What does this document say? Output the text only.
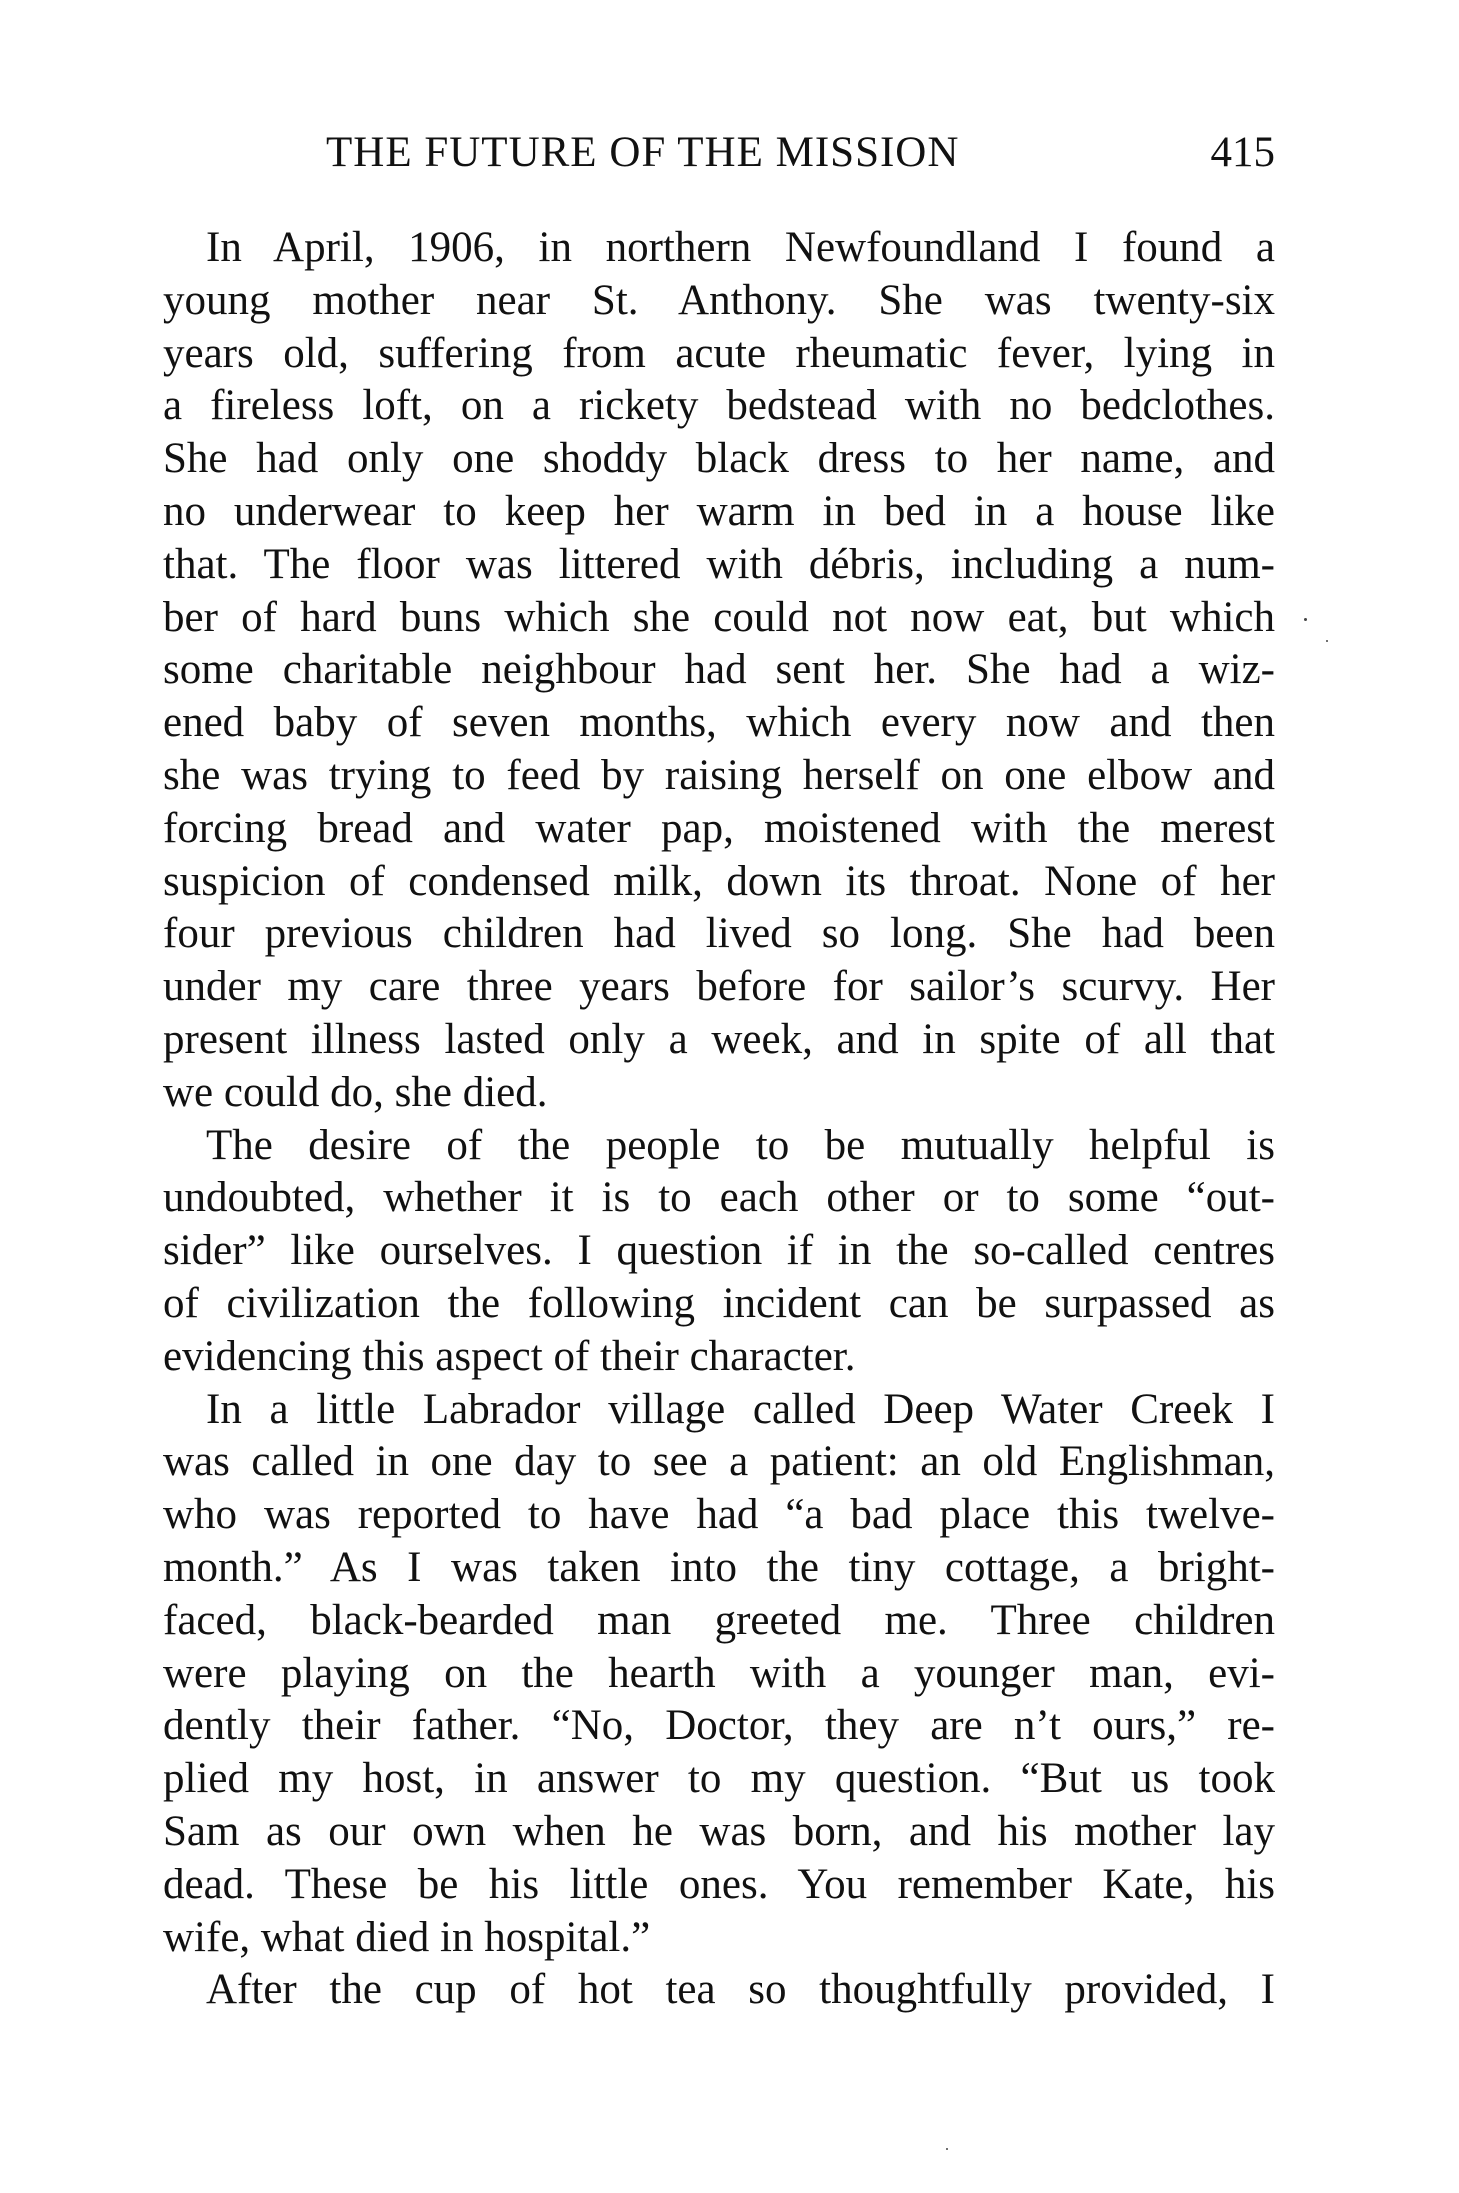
THE FUTURE OF THE MISSION	415
In April, 1906, in northern Newfoundland I found a
young mother near St. Anthony. She was twenty-six
years old, suffering from acute rheumatic fever, lying in
a fireless loft, on a rickety bedstead with no bedclothes.
She had only one shoddy black dress to her name, and
no underwear to keep her warm in bed in a house like
that. The floor was littered with débris, including a num-
ber of hard buns which she could not now eat, but which
some charitable neighbour had sent her. She had a wiz-
ened baby of seven months, which every now and then
she was trying to feed by raising herself on one elbow and
forcing bread and water pap, moistened with the merest
suspicion of condensed milk, down its throat. None of her
four previous children had lived so long. She had been
under my care three years before for sailor’s scurvy. Her
present illness lasted only a week, and in spite of all that
we could do, she died.
The desire of the people to be mutually helpful is
undoubted, whether it is to each other or to some “out-
sider” like ourselves. I question if in the so-called centres
of civilization the following incident can be surpassed as
evidencing this aspect of their character.
In a little Labrador village called Deep Water Creek I
was called in one day to see a patient: an old Englishman,
who was reported to have had “a bad place this twelve-
month.” As I was taken into the tiny cottage, a bright-
faced, black-bearded man greeted me. Three children
were playing on the hearth with a younger man, evi-
dently their father. “No, Doctor, they are n’t ours,” re-
plied my host, in answer to my question. “But us took
Sam as our own when he was born, and his mother lay
dead. These be his little ones. You remember Kate, his
wife, what died in hospital.”
After the cup of hot tea so thoughtfully provided, I
